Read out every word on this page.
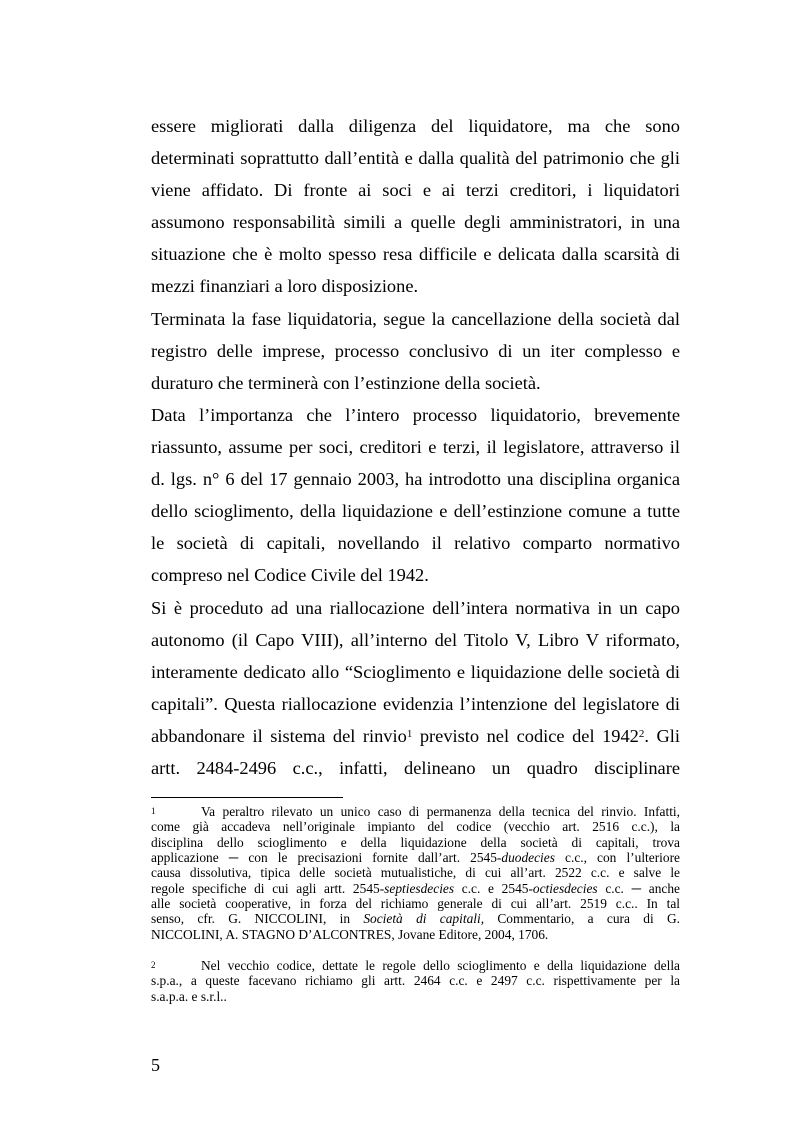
essere migliorati dalla diligenza del liquidatore, ma che sono
determinati soprattutto dall’entità e dalla qualità del patrimonio che gli
viene affidato. Di fronte ai soci e ai terzi creditori, i liquidatori
assumono responsabilità simili a quelle degli amministratori, in una
situazione che è molto spesso resa difficile e delicata dalla scarsità di
mezzi finanziari a loro disposizione.

Terminata la fase liquidatoria, segue la cancellazione della società dal
registro delle imprese, processo conclusivo di un iter complesso e
duraturo che terminerà con l’estinzione della società.

Data l’importanza che l’intero processo liquidatorio, brevemente
riassunto, assume per soci, creditori e terzi, il legislatore, attraverso il
d. lgs. n° 6 del 17 gennaio 2003, ha introdotto una disciplina organica
dello scioglimento, della liquidazione e dell’estinzione comune a tutte
le società di capitali, novellando il relativo comparto normativo
compreso nel Codice Civile del 1942.

Si è proceduto ad una riallocazione dell’intera normativa in un capo
autonomo (il Capo VIII), all’interno del Titolo V, Libro V riformato,
interamente dedicato allo “Scioglimento e liquidazione delle società di
capitali”. Questa riallocazione evidenzia l’intenzione del legislatore di
abbandonare il sistema del rinvio$^1$ previsto nel codice del 1942$^2$. Gli
artt. 2484-2496 c.c., infatti, delineano un quadro disciplinare

1	Va peraltro rilevato un unico caso di permanenza della tecnica del rinvio. Infatti,
come già accadeva nell’originale impianto del codice (vecchio art. 2516 c.c.), la
disciplina dello scioglimento e della liquidazione della società di capitali, trova
applicazione ─ con le precisazioni fornite dall’art. 2545-duodecies c.c., con l’ulteriore
causa dissolutiva, tipica delle società mutualistiche, di cui all’art. 2522 c.c. e salve le
regole specifiche di cui agli artt. 2545-septiesdecies c.c. e 2545-octiesdecies c.c. ─ anche
alle società cooperative, in forza del richiamo generale di cui all’art. 2519 c.c.. In tal
senso, cfr. G. NICCOLINI, in Società di capitali, Commentario, a cura di G.
NICCOLINI, A. STAGNO D’ALCONTRES, Jovane Editore, 2004, 1706.
2	Nel vecchio codice, dettate le regole dello scioglimento e della liquidazione della
s.p.a., a queste facevano richiamo gli artt. 2464 c.c. e 2497 c.c. rispettivamente per la
s.a.p.a. e s.r.l..
5
